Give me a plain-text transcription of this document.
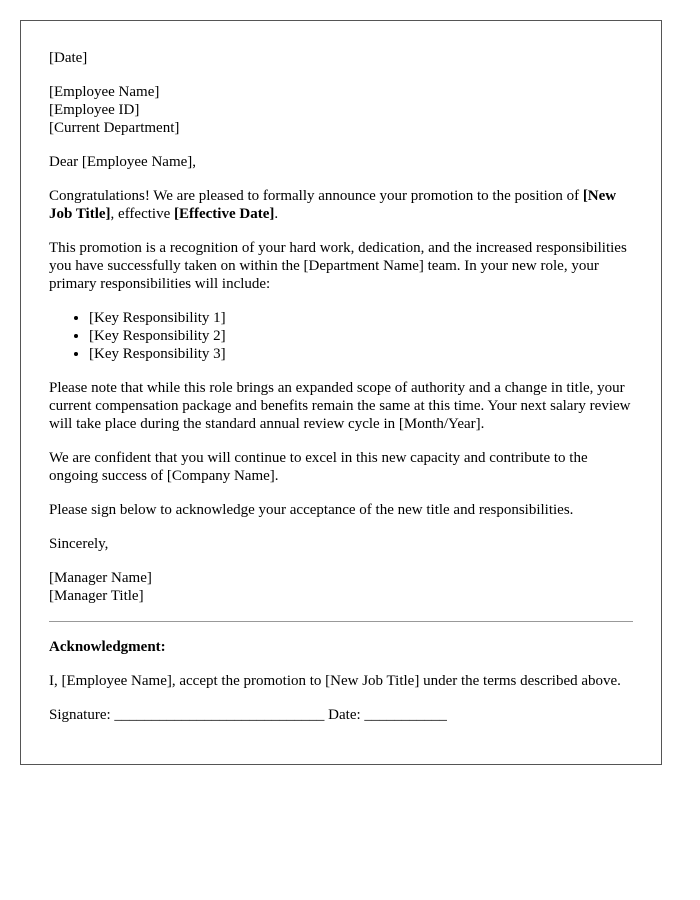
[Date]

[Employee Name]
[Employee ID]
[Current Department]

Dear [Employee Name],

Congratulations! We are pleased to formally announce your promotion to the position of [New Job Title], effective [Effective Date].

This promotion is a recognition of your hard work, dedication, and the increased responsibilities you have successfully taken on within the [Department Name] team. In your new role, your primary responsibilities will include:

• [Key Responsibility 1]
• [Key Responsibility 2]
• [Key Responsibility 3]

Please note that while this role brings an expanded scope of authority and a change in title, your current compensation package and benefits remain the same at this time. Your next salary review will take place during the standard annual review cycle in [Month/Year].

We are confident that you will continue to excel in this new capacity and contribute to the ongoing success of [Company Name].

Please sign below to acknowledge your acceptance of the new title and responsibilities.

Sincerely,

[Manager Name]
[Manager Title]

Acknowledgment:

I, [Employee Name], accept the promotion to [New Job Title] under the terms described above.

Signature: ____________________________ Date: ___________
